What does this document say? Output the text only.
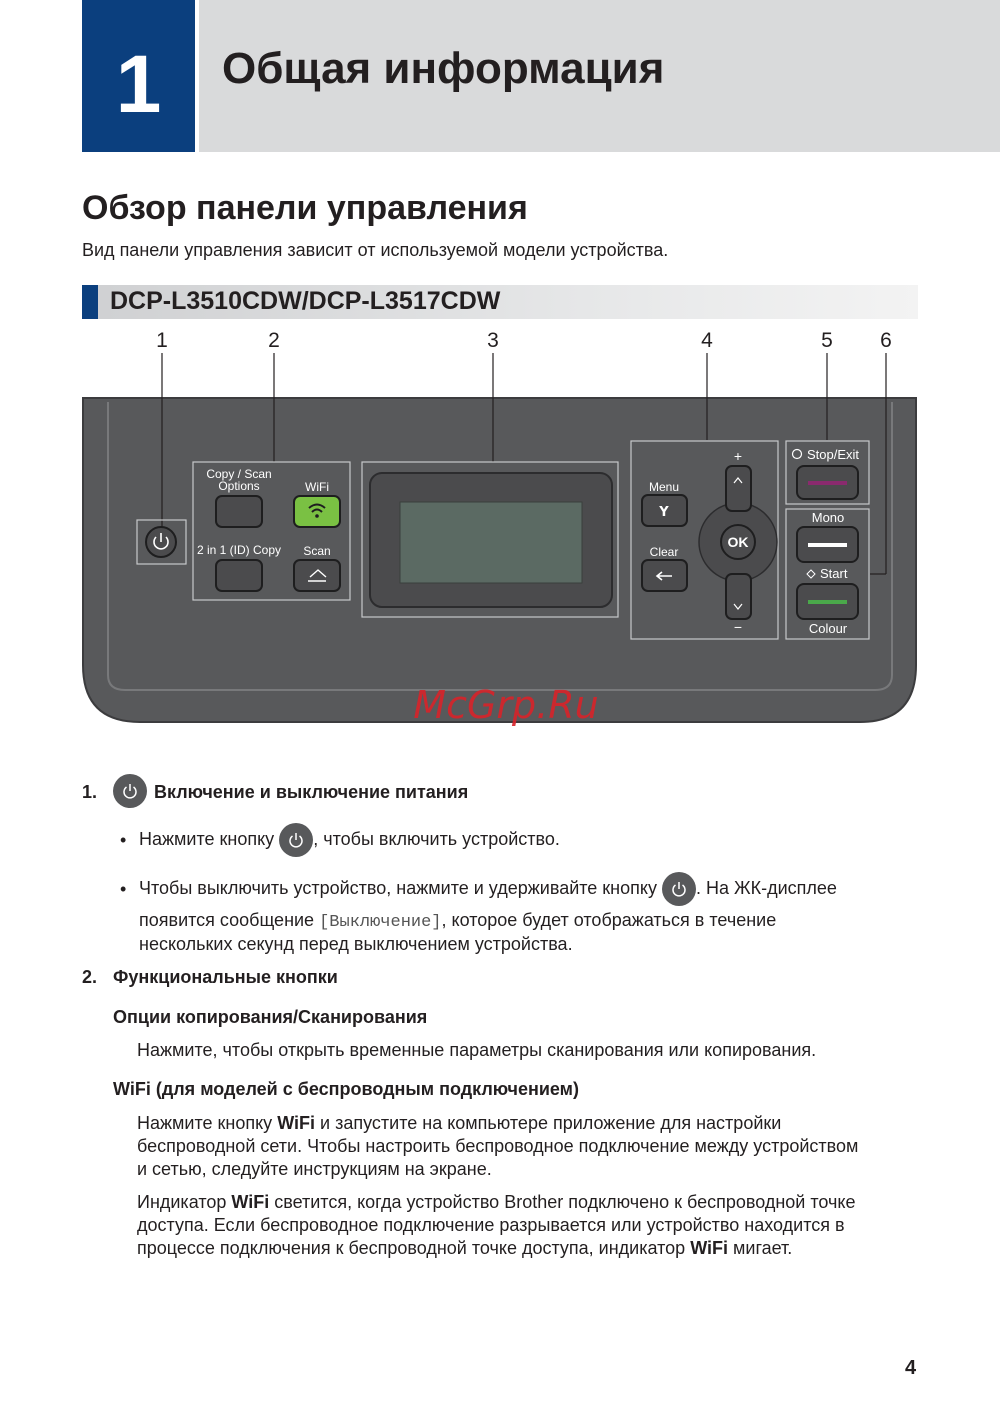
1	Общая информация
Обзор панели управления
Вид панели управления зависит от используемой модели устройства.
DCP-L3510CDW/DCP-L3517CDW
1	2	3	4	5 6
Copy / Scan
Options	WiFi
2 in 1 (ID) Copy Scan
Menu
Y
Clear
+
OK
−
Stop/Exit
Mono
Start
Colour
McGrp.Ru
1.	Включение и выключение питания
• Нажмите кнопку , чтобы включить устройство.
• Чтобы выключить устройство, нажмите и удерживайте кнопку . На ЖК-дисплее
появится сообщение [Выключение], которое будет отображаться в течение
нескольких секунд перед выключением устройства.
2. Функциональные кнопки
Опции копирования/Сканирования
Нажмите, чтобы открыть временные параметры сканирования или копирования.
WiFi (для моделей с беспроводным подключением)
Нажмите кнопку WiFi и запустите на компьютере приложение для настройки
беспроводной сети. Чтобы настроить беспроводное подключение между устройством
и сетью, следуйте инструкциям на экране.
Индикатор WiFi светится, когда устройство Brother подключено к беспроводной точке
доступа. Если беспроводное подключение разрывается или устройство находится в
процессе подключения к беспроводной точке доступа, индикатор WiFi мигает.
4
